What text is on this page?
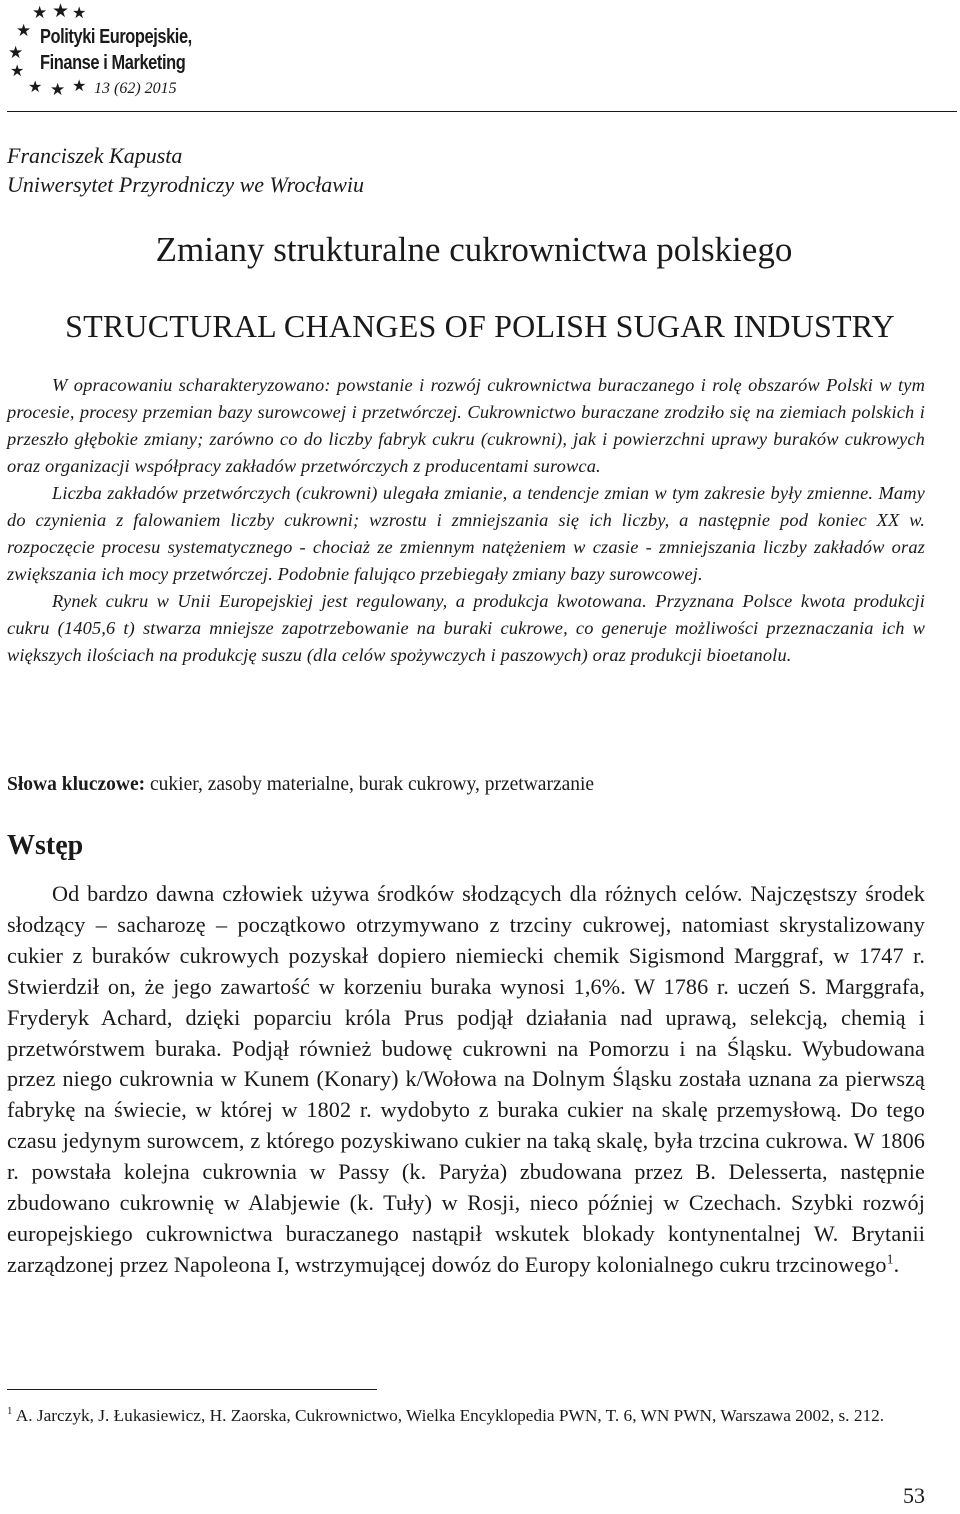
★ ★ ★
★
★
★
★ ★ ★
Polityki Europejskie,
Finanse i Marketing
13 (62) 2015
Franciszek Kapusta
Uniwersytet Przyrodniczy we Wrocławiu
Zmiany strukturalne cukrownictwa polskiego
STRUCTURAL CHANGES OF POLISH SUGAR INDUSTRY

W opracowaniu scharakteryzowano: powstanie i rozwój cukrownictwa buraczanego i rolę obszarów Polski w tym procesie, procesy przemian bazy surowcowej i przetwórczej. Cukrownictwo buraczane zrodziło się na ziemiach polskich i przeszło głębokie zmiany; zarówno co do liczby fabryk cukru (cukrowni), jak i powierzchni uprawy buraków cukrowych oraz organizacji współpracy zakładów przetwórczych z producentami surowca.

Liczba zakładów przetwórczych (cukrowni) ulegała zmianie, a tendencje zmian w tym zakresie były zmienne. Mamy do czynienia z falowaniem liczby cukrowni; wzrostu i zmniejszania się ich liczby, a następnie pod koniec XX w. rozpoczęcie procesu systematycznego - chociaż ze zmiennym natężeniem w czasie - zmniejszania liczby zakładów oraz zwiększania ich mocy przetwórczej. Podobnie falująco przebiegały zmiany bazy surowcowej.

Rynek cukru w Unii Europejskiej jest regulowany, a produkcja kwotowana. Przyznana Polsce kwota produkcji cukru (1405,6 t) stwarza mniejsze zapotrzebowanie na buraki cukrowe, co generuje możliwości przeznaczania ich w większych ilościach na produkcję suszu (dla celów spożywczych i paszowych) oraz produkcji bioetanolu.

Słowa kluczowe: cukier, zasoby materialne, burak cukrowy, przetwarzanie
Wstęp

Od bardzo dawna człowiek używa środków słodzących dla różnych celów. Najczęstszy środek słodzący – sacharozę – początkowo otrzymywano z trzciny cukrowej, natomiast skrystalizowany cukier z buraków cukrowych pozyskał dopiero niemiecki chemik Sigismond Marggraf, w 1747 r. Stwierdził on, że jego zawartość w korzeniu buraka wynosi 1,6%. W 1786 r. uczeń S. Marggrafa, Fryderyk Achard, dzięki poparciu króla Prus podjął działania nad uprawą, selekcją, chemią i przetwórstwem buraka. Podjął również budowę cukrowni na Pomorzu i na Śląsku. Wybudowana przez niego cukrownia w Kunem (Konary) k/Wołowa na Dolnym Śląsku została uznana za pierwszą fabrykę na świecie, w której w 1802 r. wydobyto z buraka cukier na skalę przemysłową. Do tego czasu jedynym surowcem, z którego pozyskiwano cukier na taką skalę, była trzcina cukrowa. W 1806 r. powstała kolejna cukrownia w Passy (k. Paryża) zbudowana przez B. Delesserta, następnie zbudowano cukrownię w Alabjewie (k. Tuły) w Rosji, nieco później w Czechach. Szybki rozwój europejskiego cukrownictwa buraczanego nastąpił wskutek blokady kontynentalnej W. Brytanii zarządzonej przez Napoleona I, wstrzymującej dowóz do Europy kolonialnego cukru trzcinowego$^1$.

$^1$ A. Jarczyk, J. Łukasiewicz, H. Zaorska, Cukrownictwo, Wielka Encyklopedia PWN, T. 6, WN PWN, Warszawa 2002, s. 212.

53
